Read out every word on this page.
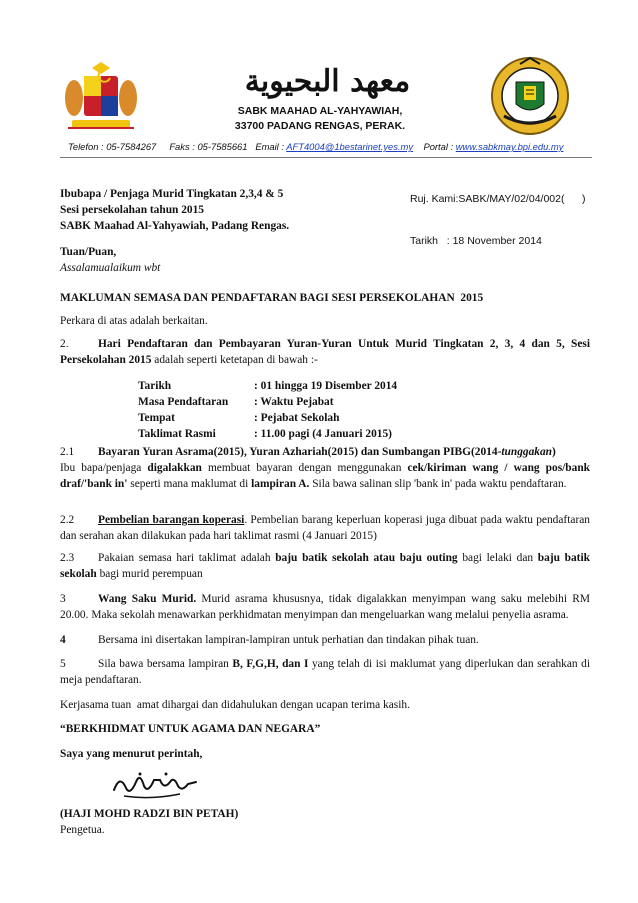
معهد البحيوية
SABK MAAHAD AL-YAHYAWIAH,
33700 PADANG RENGAS, PERAK.
Telefon : 05-7584267 Faks : 05-7585661 Email : AFT4004@1bestarinet.yes.my Portal : www.sabkmay.bpi.edu.my

Ruj. Kami:SABK/MAY/02/04/002(      )

Tarikh   : 18 November 2014

Ibubapa / Penjaga Murid Tingkatan 2,3,4 & 5
Sesi persekolahan tahun 2015
SABK Maahad Al-Yahyawiah, Padang Rengas.
Tuan/Puan,
Assalamualaikum wbt
MAKLUMAN SEMASA DAN PENDAFTARAN BAGI SESI PERSEKOLAHAN  2015
Perkara di atas adalah berkaitan.
2.	Hari Pendaftaran dan Pembayaran Yuran-Yuran Untuk Murid Tingkatan 2, 3, 4 dan 5, Sesi Persekolahan 2015 adalah seperti ketetapan di bawah :-
Tarikh	: 01 hingga 19 Disember 2014
Masa Pendaftaran	: Waktu Pejabat
Tempat	: Pejabat Sekolah
Taklimat Rasmi	: 11.00 pagi (4 Januari 2015)
2.1 Bayaran Yuran Asrama(2015), Yuran Azhariah(2015) dan Sumbangan PIBG(2014-tunggakan)
Ibu bapa/penjaga digalakkan membuat bayaran dengan menggunakan cek/kiriman wang / wang pos/bank draf/'bank in' seperti mana maklumat di lampiran A. Sila bawa salinan slip 'bank in' pada waktu pendaftaran.
2.2 Pembelian barangan koperasi. Pembelian barang keperluan koperasi juga dibuat pada waktu pendaftaran dan serahan akan dilakukan pada hari taklimat rasmi (4 Januari 2015)
2.3 Pakaian semasa hari taklimat adalah baju batik sekolah atau baju outing bagi lelaki dan baju batik sekolah bagi murid perempuan
3	Wang Saku Murid. Murid asrama khususnya, tidak digalakkan menyimpan wang saku melebihi RM 20.00. Maka sekolah menawarkan perkhidmatan menyimpan dan mengeluarkan wang melalui penyelia asrama.
4	Bersama ini disertakan lampiran-lampiran untuk perhatian dan tindakan pihak tuan.
5	Sila bawa bersama lampiran B, F,G,H, dan I yang telah di isi maklumat yang diperlukan dan serahkan di meja pendaftaran.
Kerjasama tuan  amat dihargai dan didahulukan dengan ucapan terima kasih.
“BERKHIDMAT UNTUK AGAMA DAN NEGARA”
Saya yang menurut perintah,
(HAJI MOHD RADZI BIN PETAH)
Pengetua.
